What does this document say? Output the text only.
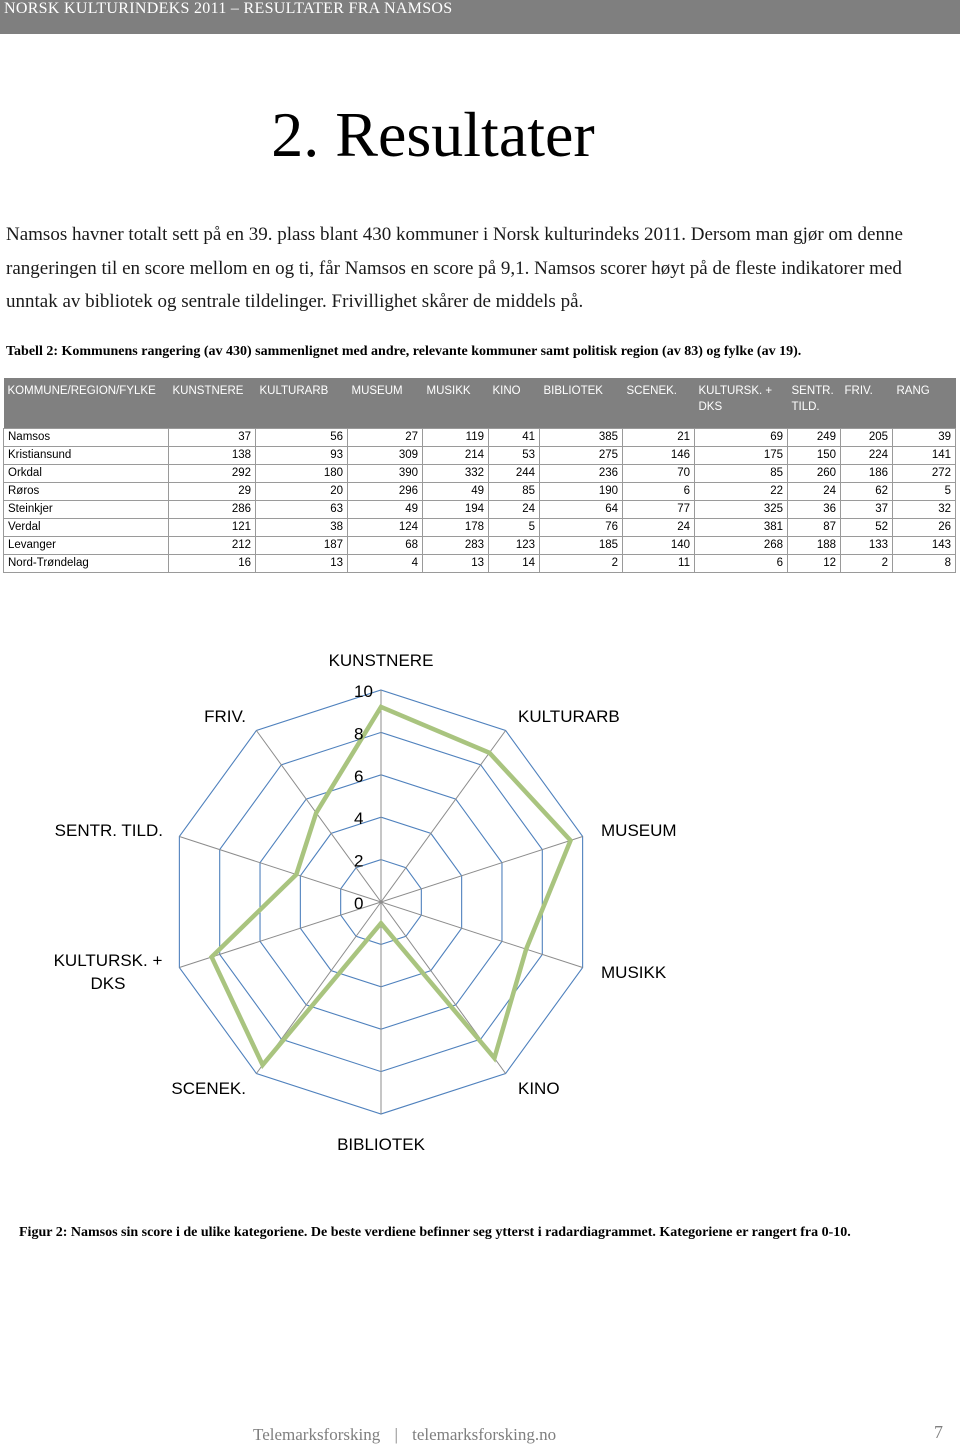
NORSK KULTURINDEKS 2011 – RESULTATER FRA NAMSOS
2. Resultater

Namsos havner totalt sett på en 39. plass blant 430 kommuner i Norsk kulturindeks 2011. Dersom man gjør om denne rangeringen til en score mellom en og ti, får Namsos en score på 9,1. Namsos scorer høyt på de fleste indikatorer med unntak av bibliotek og sentrale tildelinger. Frivillighet skårer de middels på.

Tabell 2: Kommunens rangering (av 430) sammenlignet med andre, relevante kommuner samt politisk region (av 83) og fylke (av 19).

KOMMUNE/REGION/FYLKE	KUNSTNERE	KULTURARB	MUSEUM	MUSIKK	KINO	BIBLIOTEK	SCENEK.	KULTURSK. + DKS	SENTR. TILD.	FRIV.	RANG
Namsos	37	56	27	119	41	385	21	69	249	205	39
Kristiansund	138	93	309	214	53	275	146	175	150	224	141
Orkdal	292	180	390	332	244	236	70	85	260	186	272
Røros	29	20	296	49	85	190	6	22	24	62	5
Steinkjer	286	63	49	194	24	64	77	325	36	37	32
Verdal	121	38	124	178	5	76	24	381	87	52	26
Levanger	212	187	68	283	123	185	140	268	188	133	143
Nord-Trøndelag	16	13	4	13	14	2	11	6	12	2	8
0
2
4
6
8
10
KUNSTNERE
KULTURARB
MUSEUM
MUSIKK
KINO
BIBLIOTEK
SCENEK.
KULTURSK. + DKS
SENTR. TILD.
FRIV.

Figur 2: Namsos sin score i de ulike kategoriene. De beste verdiene befinner seg ytterst i radardiagrammet. Kategoriene er rangert fra 0-10.

Telemarksforsking | telemarksforsking.no	7
